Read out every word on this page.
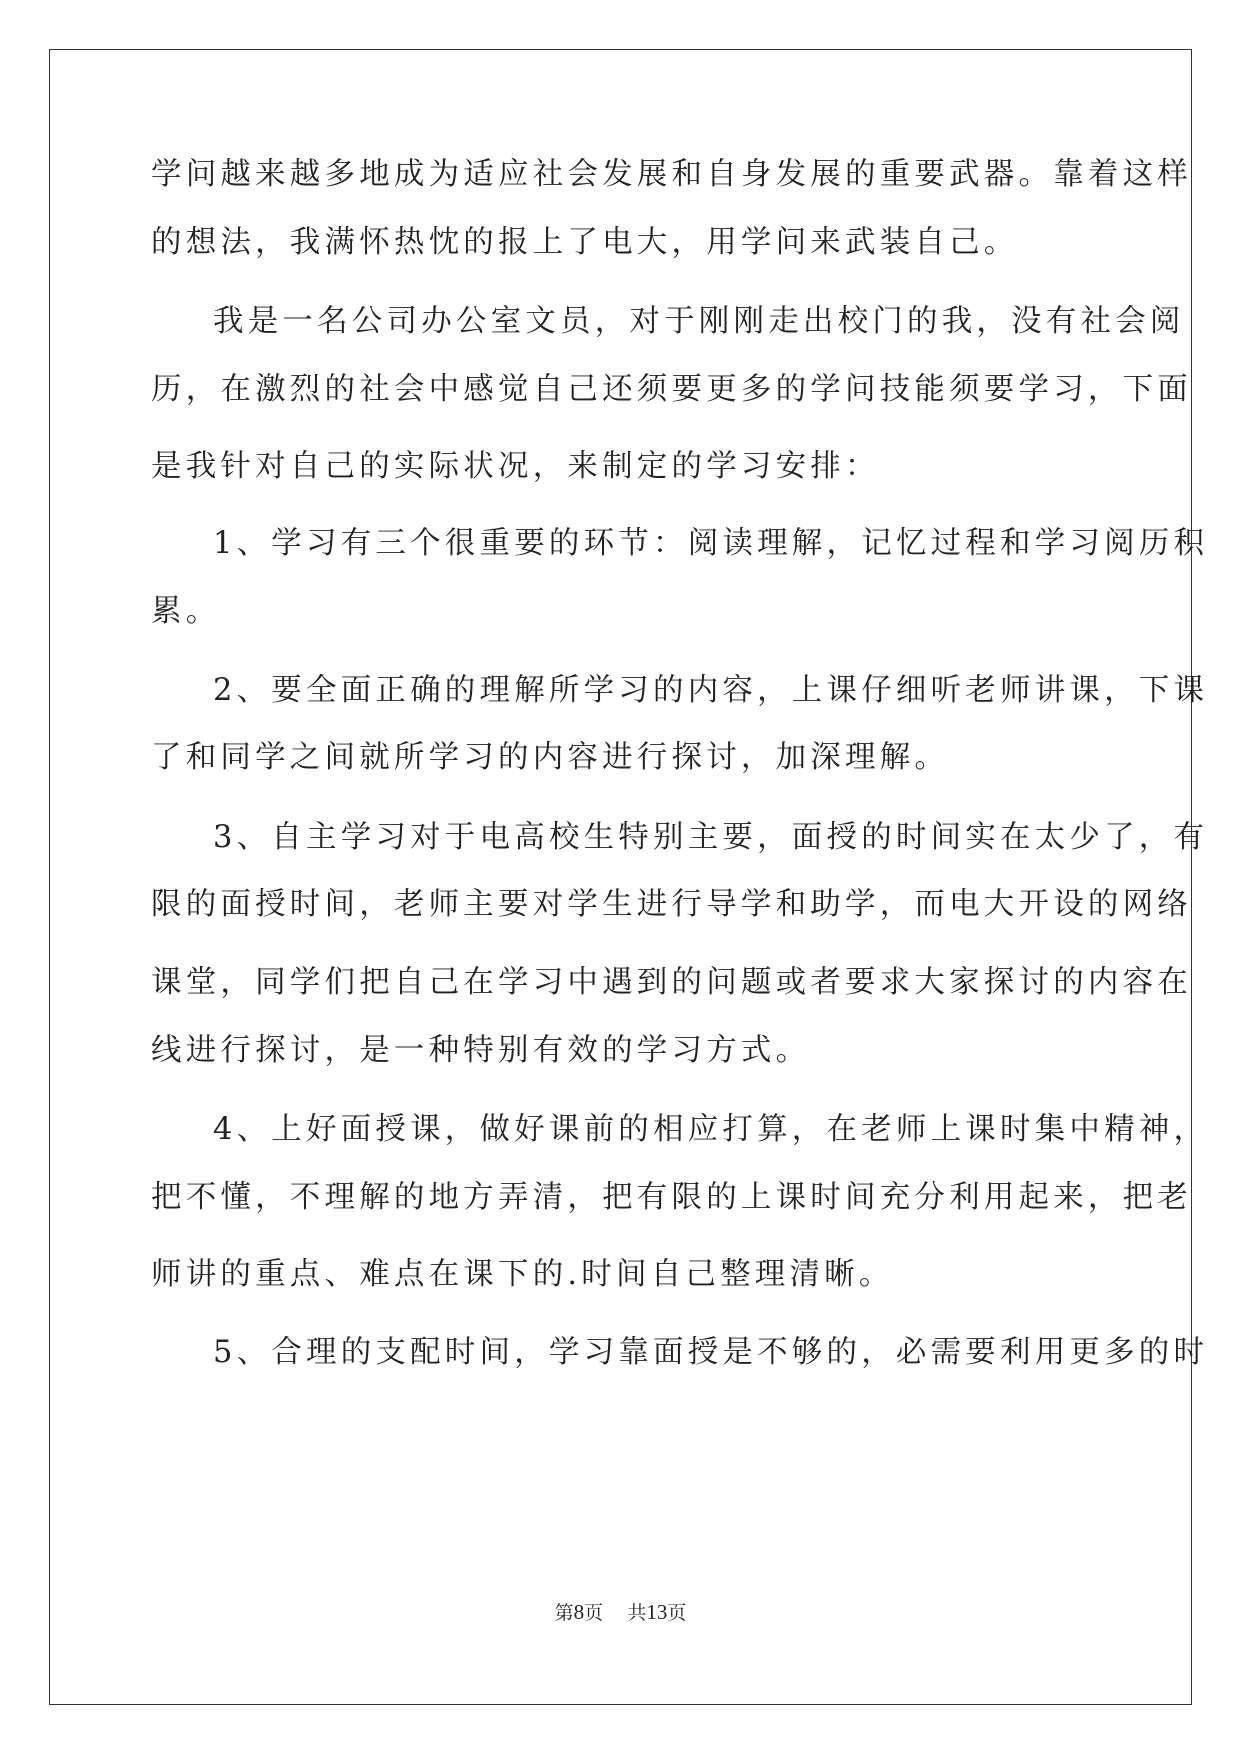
学问越来越多地成为适应社会发展和自身发展的重要武器。靠着这样
的想法，我满怀热忱的报上了电大，用学问来武装自己。
我是一名公司办公室文员，对于刚刚走出校门的我，没有社会阅
历，在激烈的社会中感觉自己还须要更多的学问技能须要学习，下面
是我针对自己的实际状况，来制定的学习安排：
1、学习有三个很重要的环节：阅读理解，记忆过程和学习阅历积
累。
2、要全面正确的理解所学习的内容，上课仔细听老师讲课，下课
了和同学之间就所学习的内容进行探讨，加深理解。
3、自主学习对于电高校生特别主要，面授的时间实在太少了，有
限的面授时间，老师主要对学生进行导学和助学，而电大开设的网络
课堂，同学们把自己在学习中遇到的问题或者要求大家探讨的内容在
线进行探讨，是一种特别有效的学习方式。
4、上好面授课，做好课前的相应打算，在老师上课时集中精神，
把不懂，不理解的地方弄清，把有限的上课时间充分利用起来，把老
师讲的重点、难点在课下的.时间自己整理清晰。
5、合理的支配时间，学习靠面授是不够的，必需要利用更多的时
第8页 共13页
